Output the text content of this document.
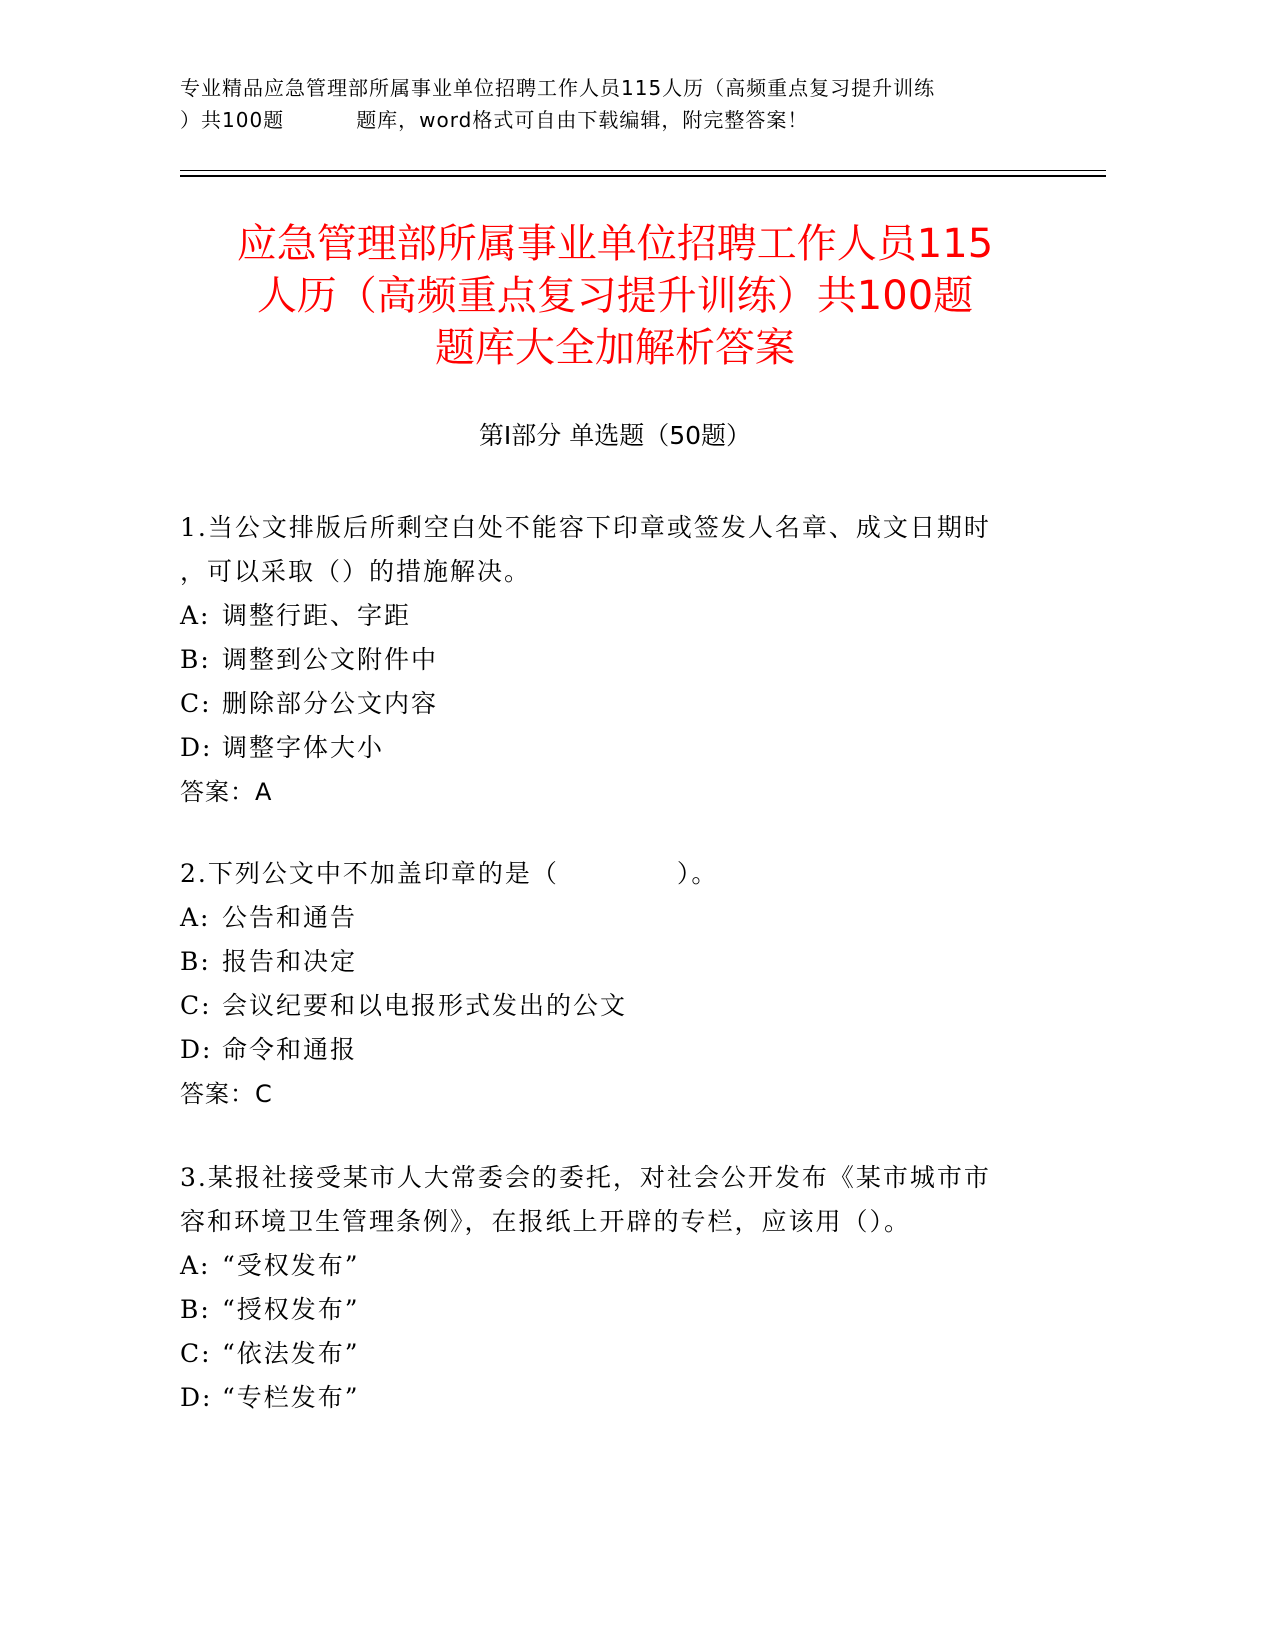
专业精品应急管理部所属事业单位招聘工作人员115人历（高频重点复习提升训练
）共100题	题库，word格式可自由下载编辑，附完整答案！
应急管理部所属事业单位招聘工作人员115
人历（高频重点复习提升训练）共100题
题库大全加解析答案
第Ⅰ部分 单选题（50题）
1.当公文排版后所剩空白处不能容下印章或签发人名章、成文日期时
，可以采取（）的措施解决。
A: 调整行距、字距
B: 调整到公文附件中
C: 删除部分公文内容
D: 调整字体大小
答案：A
2.下列公文中不加盖印章的是（	）。
A: 公告和通告
B: 报告和决定
C: 会议纪要和以电报形式发出的公文
D: 命令和通报
答案：C
3.某报社接受某市人大常委会的委托，对社会公开发布《某市城市市
容和环境卫生管理条例》，在报纸上开辟的专栏，应该用（）。
A: “受权发布”
B: “授权发布”
C: “依法发布”
D: “专栏发布”
